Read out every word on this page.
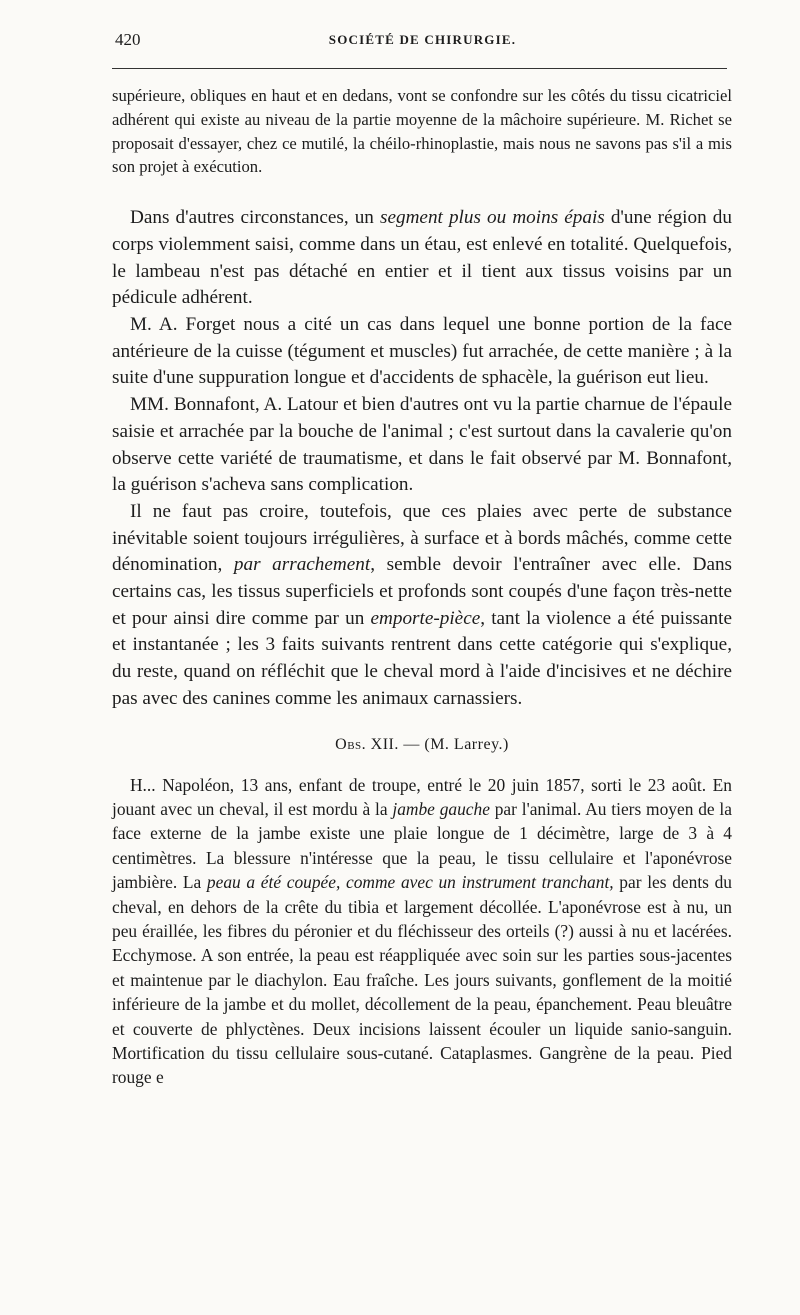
420	SOCIÉTÉ DE CHIRURGIE.

supérieure, obliques en haut et en dedans, vont se confondre sur les côtés du tissu cicatriciel adhérent qui existe au niveau de la partie moyenne de la mâchoire supérieure. M. Richet se proposait d'essayer, chez ce mutilé, la chéilo-rhinoplastie, mais nous ne savons pas s'il a mis son projet à exécution.

Dans d'autres circonstances, un segment plus ou moins épais d'une région du corps violemment saisi, comme dans un étau, est enlevé en totalité. Quelquefois, le lambeau n'est pas détaché en entier et il tient aux tissus voisins par un pédicule adhérent.

M. A. Forget nous a cité un cas dans lequel une bonne portion de la face antérieure de la cuisse (tégument et muscles) fut arrachée, de cette manière ; à la suite d'une suppuration longue et d'accidents de sphacèle, la guérison eut lieu.

MM. Bonnafont, A. Latour et bien d'autres ont vu la partie charnue de l'épaule saisie et arrachée par la bouche de l'animal ; c'est surtout dans la cavalerie qu'on observe cette variété de traumatisme, et dans le fait observé par M. Bonnafont, la guérison s'acheva sans complication.

Il ne faut pas croire, toutefois, que ces plaies avec perte de substance inévitable soient toujours irrégulières, à surface et à bords mâchés, comme cette dénomination, par arrachement, semble devoir l'entraîner avec elle. Dans certains cas, les tissus superficiels et profonds sont coupés d'une façon très-nette et pour ainsi dire comme par un emporte-pièce, tant la violence a été puissante et instantanée ; les 3 faits suivants rentrent dans cette catégorie qui s'explique, du reste, quand on réfléchit que le cheval mord à l'aide d'incisives et ne déchire pas avec des canines comme les animaux carnassiers.

Obs. XII. — (M. Larrey.)

H... Napoléon, 13 ans, enfant de troupe, entré le 20 juin 1857, sorti le 23 août. En jouant avec un cheval, il est mordu à la jambe gauche par l'animal. Au tiers moyen de la face externe de la jambe existe une plaie longue de 1 décimètre, large de 3 à 4 centimètres. La blessure n'intéresse que la peau, le tissu cellulaire et l'aponévrose jambière. La peau a été coupée, comme avec un instrument tranchant, par les dents du cheval, en dehors de la crête du tibia et largement décollée. L'aponévrose est à nu, un peu éraillée, les fibres du péronier et du fléchisseur des orteils (?) aussi à nu et lacérées. Ecchymose. A son entrée, la peau est réappliquée avec soin sur les parties sous-jacentes et maintenue par le diachylon. Eau fraîche. Les jours suivants, gonflement de la moitié inférieure de la jambe et du mollet, décollement de la peau, épanchement. Peau bleuâtre et couverte de phlyctènes. Deux incisions laissent écouler un liquide sanio-sanguin. Mortification du tissu cellulaire sous-cutané. Cataplasmes. Gangrène de la peau. Pied rouge e
